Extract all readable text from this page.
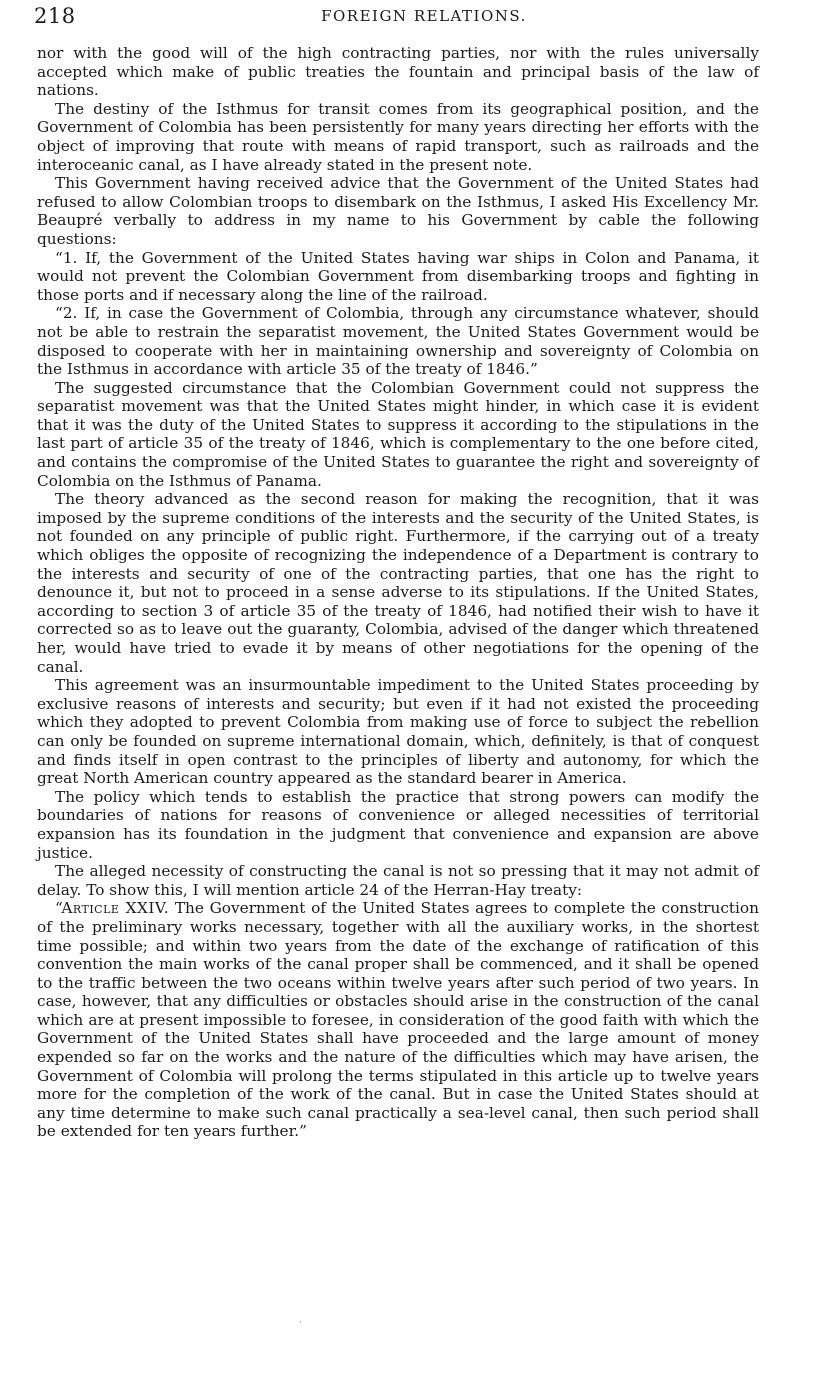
218	FOREIGN RELATIONS.

nor with the good will of the high contracting parties, nor with the rules universally accepted which make of public treaties the fountain and principal basis of the law of nations.

The destiny of the Isthmus for transit comes from its geographical position, and the Government of Colombia has been persistently for many years directing her efforts with the object of improving that route with means of rapid transport, such as railroads and the interoceanic canal, as I have already stated in the present note.

This Government having received advice that the Government of the United States had refused to allow Colombian troops to disembark on the Isthmus, I asked His Excellency Mr. Beaupré verbally to address in my name to his Government by cable the following questions:

“1. If, the Government of the United States having war ships in Colon and Panama, it would not prevent the Colombian Government from disembarking troops and fighting in those ports and if necessary along the line of the railroad.

“2. If, in case the Government of Colombia, through any circumstance whatever, should not be able to restrain the separatist movement, the United States Government would be disposed to cooperate with her in maintaining ownership and sovereignty of Colombia on the Isthmus in accordance with article 35 of the treaty of 1846.”

The suggested circumstance that the Colombian Government could not suppress the separatist movement was that the United States might hinder, in which case it is evident that it was the duty of the United States to suppress it according to the stipulations in the last part of article 35 of the treaty of 1846, which is complementary to the one before cited, and contains the compromise of the United States to guarantee the right and sovereignty of Colombia on the Isthmus of Panama.

The theory advanced as the second reason for making the recognition, that it was imposed by the supreme conditions of the interests and the security of the United States, is not founded on any principle of public right. Furthermore, if the carrying out of a treaty which obliges the opposite of recognizing the independence of a Department is contrary to the interests and security of one of the contracting parties, that one has the right to denounce it, but not to proceed in a sense adverse to its stipulations. If the United States, according to section 3 of article 35 of the treaty of 1846, had notified their wish to have it corrected so as to leave out the guaranty, Colombia, advised of the danger which threatened her, would have tried to evade it by means of other negotiations for the opening of the canal.

This agreement was an insurmountable impediment to the United States proceeding by exclusive reasons of interests and security; but even if it had not existed the proceeding which they adopted to prevent Colombia from making use of force to subject the rebellion can only be founded on supreme international domain, which, definitely, is that of conquest and finds itself in open contrast to the principles of liberty and autonomy, for which the great North American country appeared as the standard bearer in America.

The policy which tends to establish the practice that strong powers can modify the boundaries of nations for reasons of convenience or alleged necessities of territorial expansion has its foundation in the judgment that convenience and expansion are above justice.

The alleged necessity of constructing the canal is not so pressing that it may not admit of delay. To show this, I will mention article 24 of the Herran-Hay treaty:

“Article XXIV. The Government of the United States agrees to complete the construction of the preliminary works necessary, together with all the auxiliary works, in the shortest time possible; and within two years from the date of the exchange of ratification of this convention the main works of the canal proper shall be commenced, and it shall be opened to the traffic between the two oceans within twelve years after such period of two years. In case, however, that any difficulties or obstacles should arise in the construction of the canal which are at present impossible to foresee, in consideration of the good faith with which the Government of the United States shall have proceeded and the large amount of money expended so far on the works and the nature of the difficulties which may have arisen, the Government of Colombia will prolong the terms stipulated in this article up to twelve years more for the completion of the work of the canal. But in case the United States should at any time determine to make such canal practically a sea-level canal, then such period shall be extended for ten years further.”

·
